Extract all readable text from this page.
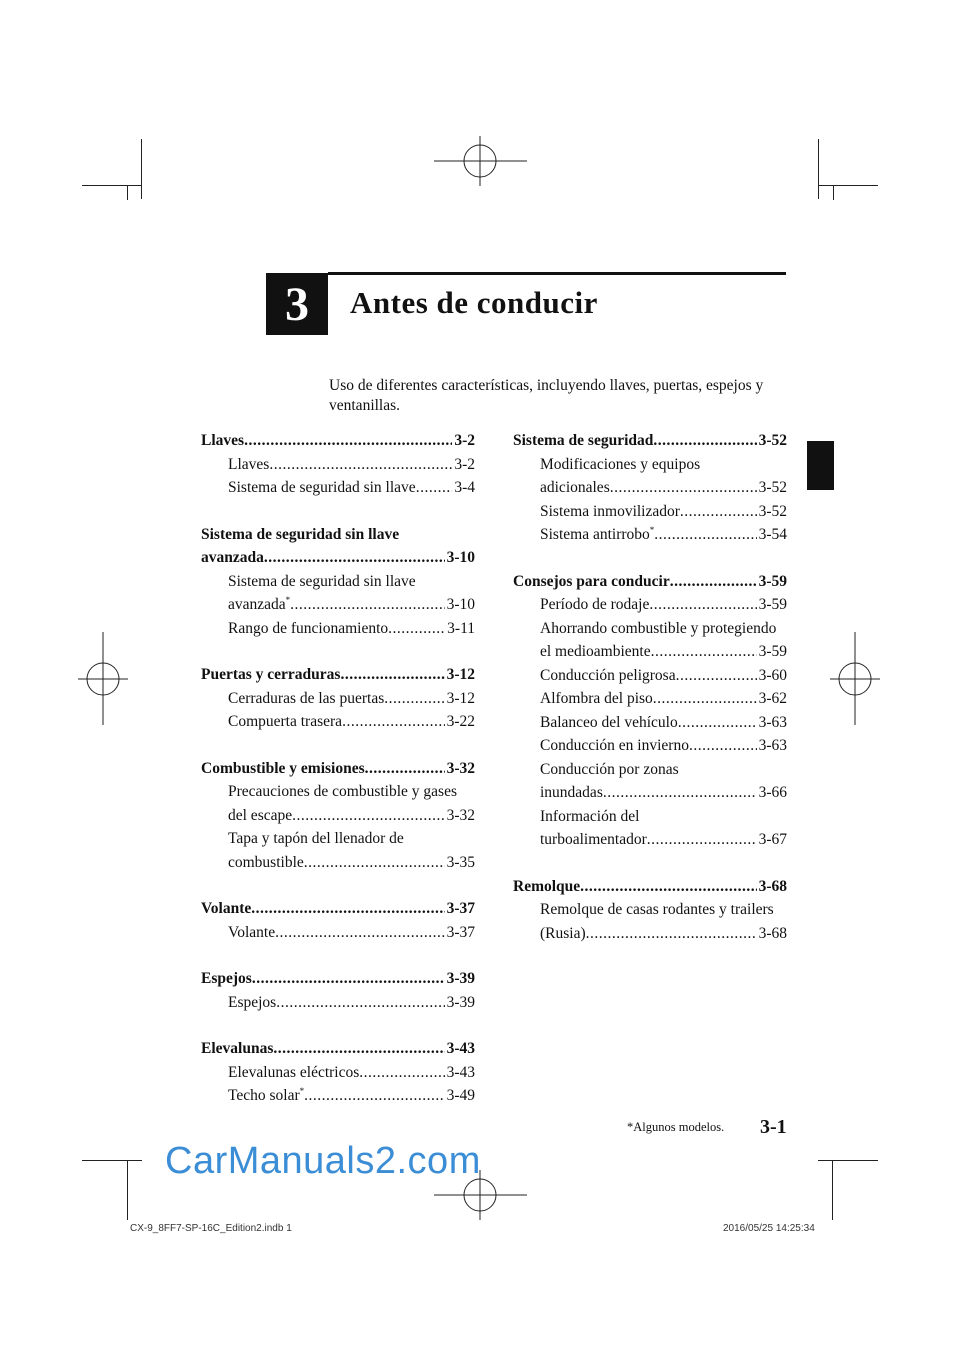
3	Antes de conducir
Uso de diferentes características, incluyendo llaves, puertas, espejos y ventanillas.
Llaves .....	3-2
Llaves .....	3-2
Sistema de seguridad sin llave ..... 3-4
Sistema de seguridad sin llave
avanzada .....	3-10
Sistema de seguridad sin llave
avanzada* .....	3-10
Rango de funcionamiento .....	3-11
Puertas y cerraduras .....	3-12
Cerraduras de las puertas .....	3-12
Compuerta trasera .....	3-22
Combustible y emisiones .....	3-32
Precauciones de combustible y gases
del escape .....	3-32
Tapa y tapón del llenador de
combustible .....	3-35
Volante .....	3-37
Volante .....	3-37
Espejos .....	3-39
Espejos .....	3-39
Elevalunas .....	3-43
Elevalunas eléctricos .....	3-43
Techo solar* .....	3-49
Sistema de seguridad .....	3-52
Modificaciones y equipos
adicionales .....	3-52
Sistema inmovilizador .....	3-52
Sistema antirrobo* .....	3-54
Consejos para conducir .....	3-59
Período de rodaje .....	3-59
Ahorrando combustible y protegiendo
el medioambiente .....	3-59
Conducción peligrosa .....	3-60
Alfombra del piso .....	3-62
Balanceo del vehículo .....	3-63
Conducción en invierno .....	3-63
Conducción por zonas
inundadas .....	3-66
Información del
turboalimentador .....	3-67
Remolque .....	3-68
Remolque de casas rodantes y trailers
(Rusia) .....	3-68
*Algunos modelos. 3-1
CarManuals2.com
CX-9_8FF7-SP-16C_Edition2.indb 1	2016/05/25 14:25:34
